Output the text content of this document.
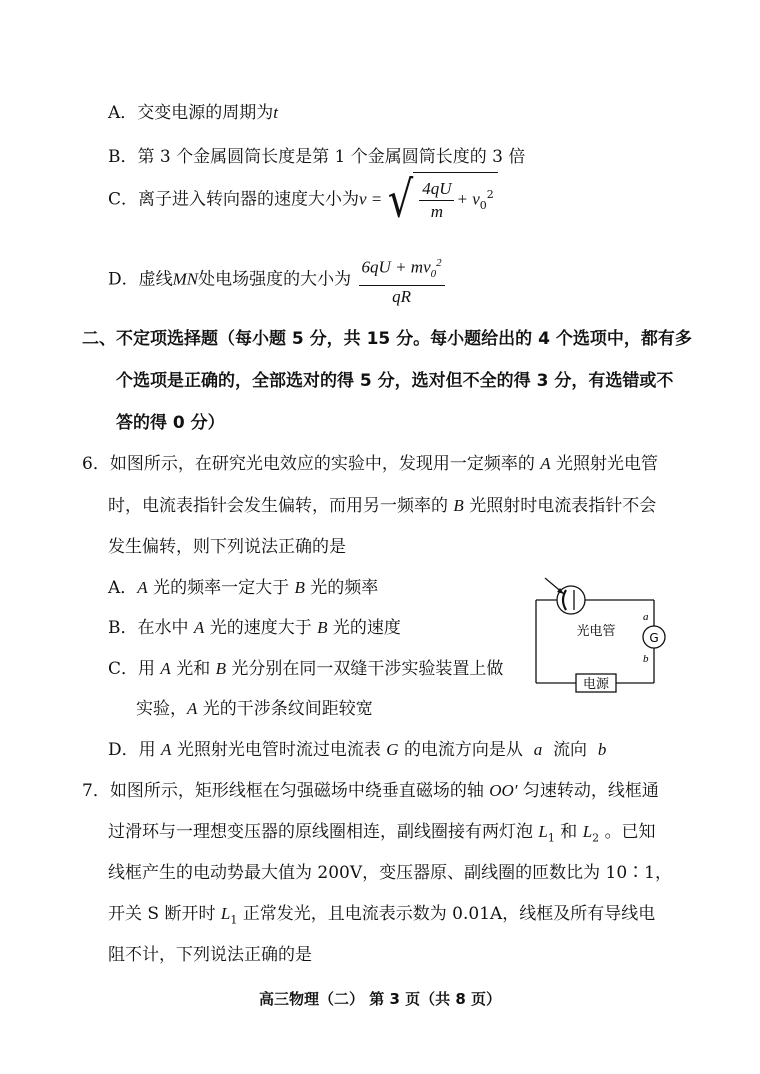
A．交变电源的周期为t
B．第 3 个金属圆筒长度是第 1 个金属圆筒长度的 3 倍
C．离子进入转向器的速度大小为v = √ $\frac{4qU}{m} + v_0^2$
D．虚线MN处电场强度的大小为 $\frac{6qU + mv_0^2}{qR}$
二、不定项选择题（每小题 5 分，共 15 分。每小题给出的 4 个选项中，都有多
个选项是正确的，全部选对的得 5 分，选对但不全的得 3 分，有选错或不
答的得 0 分）
6．如图所示，在研究光电效应的实验中，发现用一定频率的 A 光照射光电管
时，电流表指针会发生偏转，而用另一频率的 B 光照射时电流表指针不会
发生偏转，则下列说法正确的是
A．A 光的频率一定大于 B 光的频率
B．在水中 A 光的速度大于 B 光的速度
C．用 A 光和 B 光分别在同一双缝干涉实验装置上做
实验，A 光的干涉条纹间距较宽
D．用 A 光照射光电管时流过电流表 G 的电流方向是从 a 流向 b
G
a
b
光电管
电源
7．如图所示，矩形线框在匀强磁场中绕垂直磁场的轴 OO′ 匀速转动，线框通
过滑环与一理想变压器的原线圈相连，副线圈接有两灯泡 $L_1$ 和 $L_2$ 。已知
线框产生的电动势最大值为 200V，变压器原、副线圈的匝数比为 10∶1，
开关 S 断开时 $L_1$ 正常发光，且电流表示数为 0.01A，线框及所有导线电
阻不计，下列说法正确的是
高三物理（二） 第 3 页（共 8 页）
